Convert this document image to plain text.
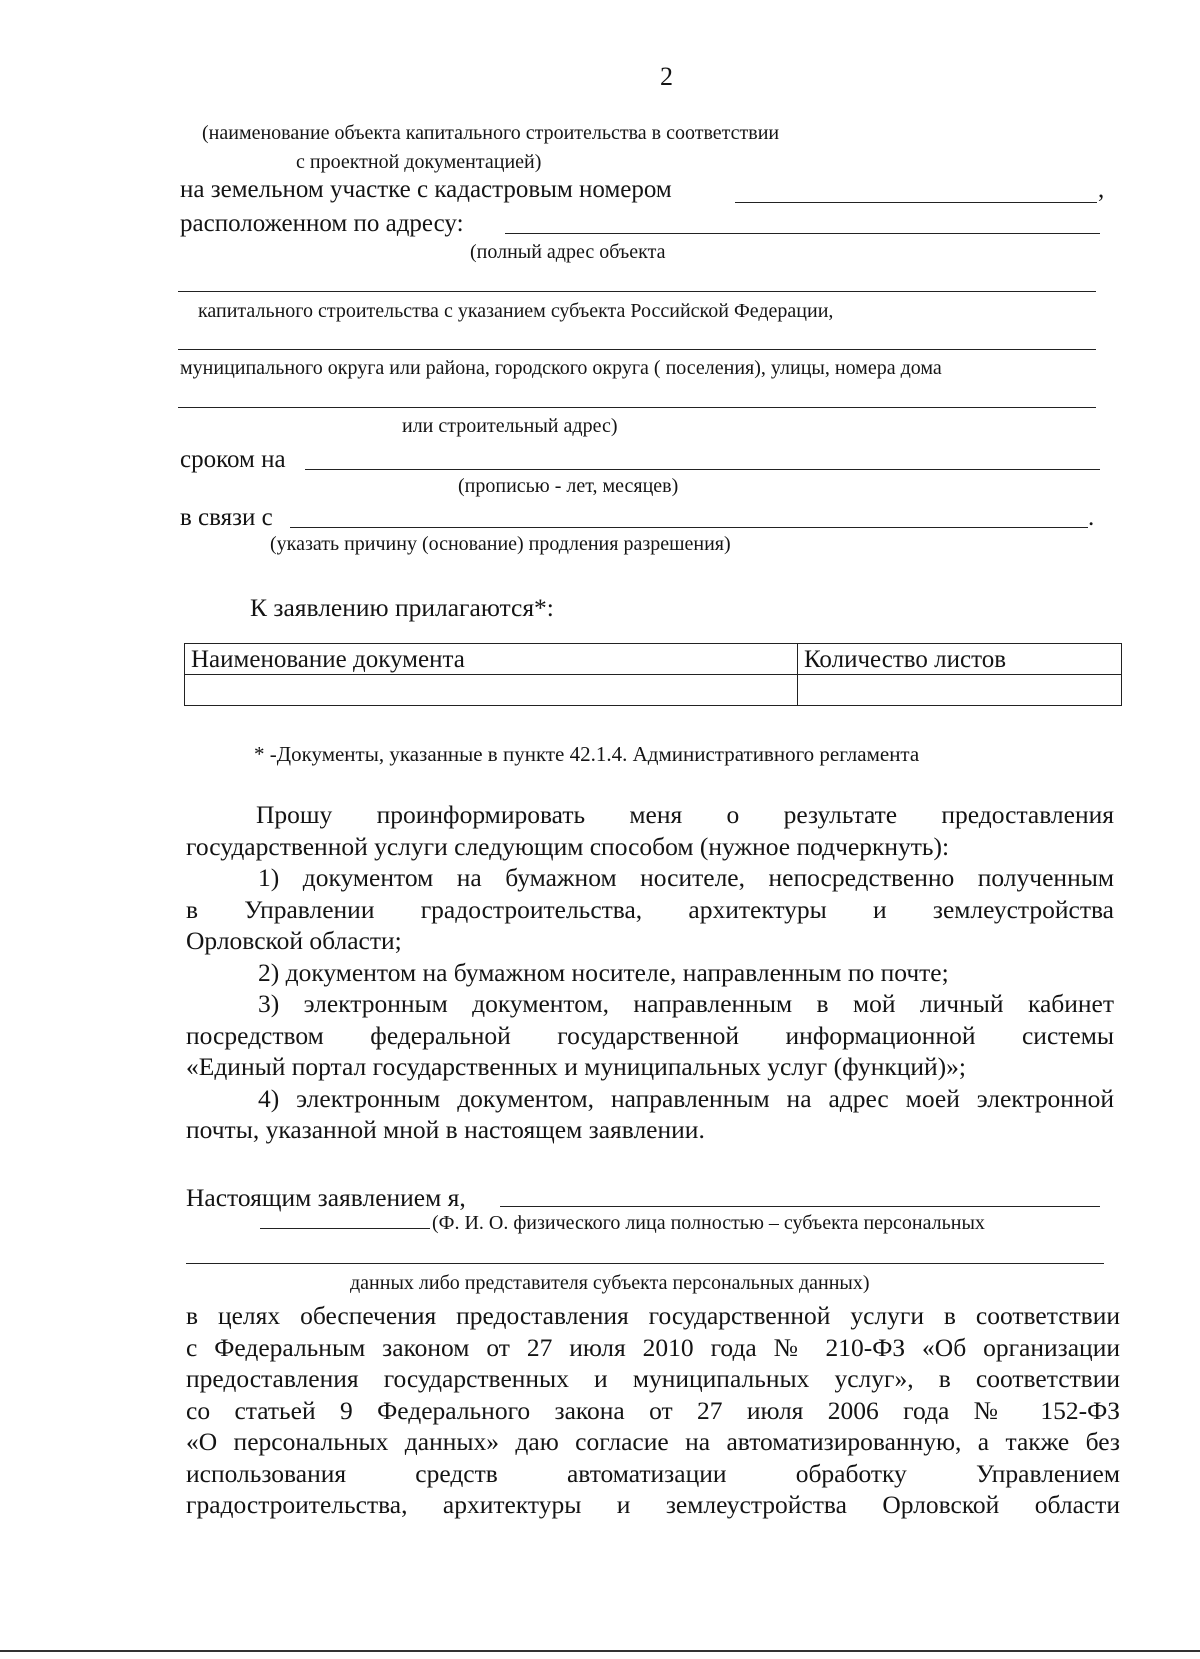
2
(наименование объекта капитального строительства в соответствии
с проектной документацией)
на земельном участке с кадастровым номером	,
расположенном по адресу:
(полный адрес объекта
капитального строительства с указанием субъекта Российской Федерации,
муниципального округа или района, городского округа ( поселения), улицы, номера дома
или строительный адрес)
сроком на
(прописью - лет, месяцев)
в связи с	.
(указать причину (основание) продления разрешения)
К заявлению прилагаются*:
Наименование документа	Количество листов

* -Документы, указанные в пункте 42.1.4. Административного регламента
Прошу проинформировать меня о результате предоставления
государственной услуги следующим способом (нужное подчеркнуть):
1) документом на бумажном носителе, непосредственно полученным
в Управлении градостроительства, архитектуры и землеустройства
Орловской области;
2) документом на бумажном носителе, направленным по почте;
3) электронным документом, направленным в мой личный кабинет
посредством федеральной государственной информационной системы
«Единый портал государственных и муниципальных услуг (функций)»;
4) электронным документом, направленным на адрес моей электронной
почты, указанной мной в настоящем заявлении.
Настоящим заявлением я,
(Ф. И. О. физического лица полностью – субъекта персональных
данных либо представителя субъекта персональных данных)
в целях обеспечения предоставления государственной услуги в соответствии
с Федеральным законом от 27 июля 2010 года № 210-ФЗ «Об организации
предоставления государственных и муниципальных услуг», в соответствии
со статьей 9 Федерального закона от 27 июля 2006 года № 152-ФЗ
«О персональных данных» даю согласие на автоматизированную, а также без
использования средств автоматизации обработку Управлением
градостроительства, архитектуры и землеустройства Орловской области
